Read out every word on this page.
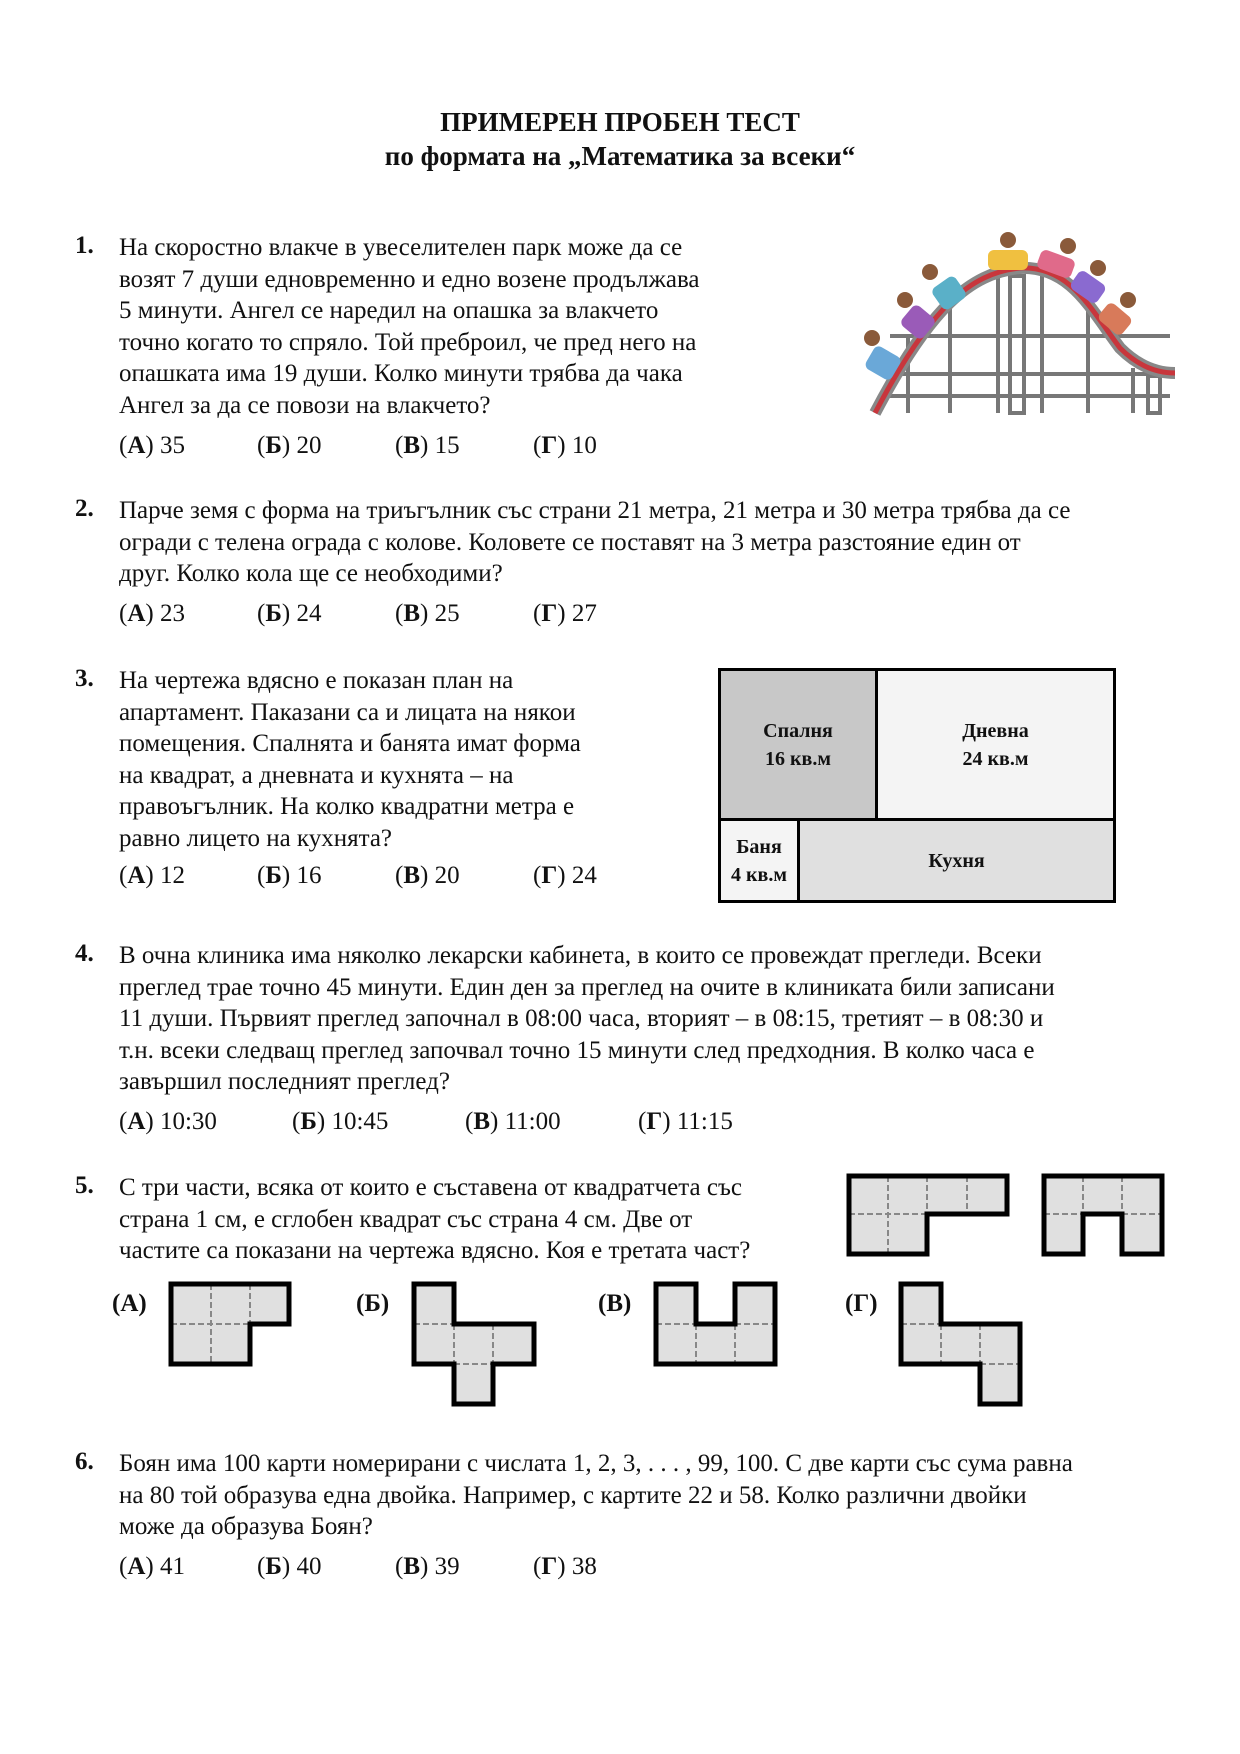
ПРИМЕРЕН ПРОБЕН ТЕСТ
по формата на „Математика за всеки“
1. На скоростно влакче в увеселителен парк може да се
возят 7 души едновременно и едно возене продължава
5 минути. Ангел се наредил на опашка за влакчето
точно когато то спряло. Той преброил, че пред него на
опашката има 19 души. Колко минути трябва да чака
Ангел за да се повози на влакчето?
(А) 35	(Б) 20	(В) 15	(Г) 10
2. Парче земя с форма на триъгълник със страни 21 метра, 21 метра и 30 метра трябва да се
огради с телена ограда с колове. Коловете се поставят на 3 метра разстояние един от
друг. Колко кола ще се необходими?
(А) 23	(Б) 24	(В) 25	(Г) 27
3. На чертежа вдясно е показан план на
апартамент. Паказани са и лицата на някои
помещения. Спалнята и банята имат форма
на квадрат, а дневната и кухнята – на
правоъгълник. На колко квадратни метра е
равно лицето на кухнята?
Спалня
16 кв.м
Дневна
24 кв.м
Баня
4 кв.м
Кухня
(А) 12	(Б) 16	(В) 20	(Г) 24
4. В очна клиника има няколко лекарски кабинета, в които се провеждат прегледи. Всеки
преглед трае точно 45 минути. Един ден за преглед на очите в клиниката били записани
11 души. Първият преглед започнал в 08:00 часа, вторият – в 08:15, третият – в 08:30 и
т.н. всеки следващ преглед започвал точно 15 минути след предходния. В колко часа е
завършил последният преглед?
(А) 10:30	(Б) 10:45	(В) 11:00	(Г) 11:15
5. С три части, всяка от които е съставена от квадратчета със
страна 1 см, е сглобен квадрат със страна 4 см. Две от
частите са показани на чертежа вдясно. Коя е третата част?
(А)	(Б)	(В)	(Г)
6. Боян има 100 карти номерирани с числата 1, 2, 3, . . . , 99, 100. С две карти със сума равна
на 80 той образува една двойка. Например, с картите 22 и 58. Колко различни двойки
може да образува Боян?
(А) 41	(Б) 40	(В) 39	(Г) 38
